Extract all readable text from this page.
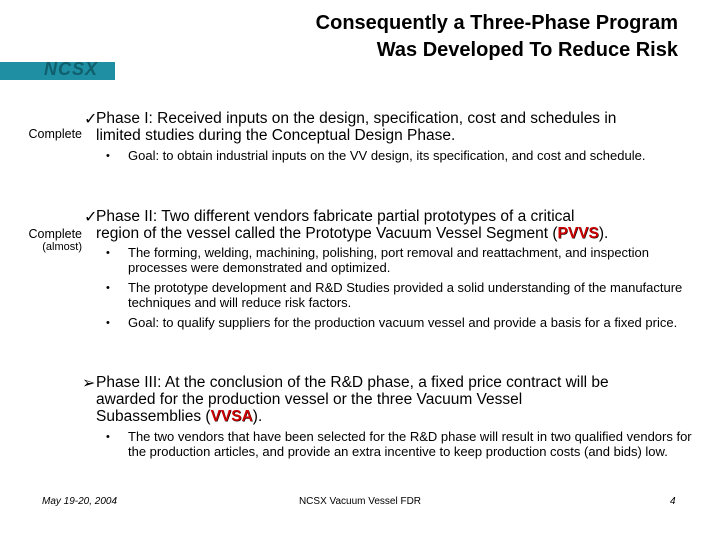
Consequently a Three-Phase Program
Was Developed To Reduce Risk
NCSX
✓
Complete
Phase I: Received inputs on the design, specification, cost and schedules in
limited studies during the Conceptual Design Phase.
• Goal: to obtain industrial inputs on the VV design, its specification, and cost and schedule.
✓
Complete
(almost)
Phase II: Two different vendors fabricate partial prototypes of a critical
region of the vessel called the Prototype Vacuum Vessel Segment (PVVS).
• The forming, welding, machining, polishing, port removal and reattachment, and inspection processes were demonstrated and optimized.
• The prototype development and R&D Studies provided a solid understanding of the manufacture techniques and will reduce risk factors.
• Goal: to qualify suppliers for the production vacuum vessel and provide a basis for a fixed price.
➢ Phase III: At the conclusion of the R&D phase, a fixed price contract will be
awarded for the production vessel or the three Vacuum Vessel
Subassemblies (VVSA).
• The two vendors that have been selected for the R&D phase will result in two qualified vendors for the production articles, and provide an extra incentive to keep production costs (and bids) low.
May 19-20, 2004	NCSX Vacuum Vessel FDR	4
